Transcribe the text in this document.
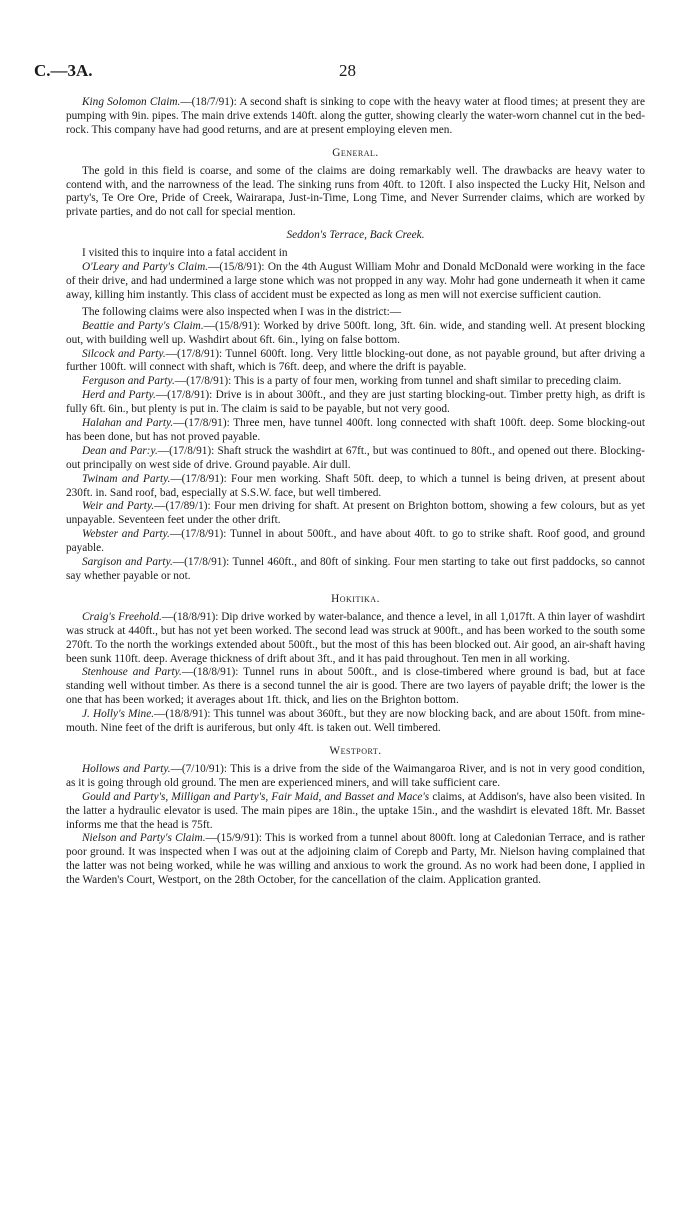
C.—3A.	28

King Solomon Claim.—(18/7/91): A second shaft is sinking to cope with the heavy water at flood times; at present they are pumping with 9in. pipes. The main drive extends 140ft. along the gutter, showing clearly the water-worn channel cut in the bed-rock. This company have had good returns, and are at present employing eleven men.

General.

The gold in this field is coarse, and some of the claims are doing remarkably well. The drawbacks are heavy water to contend with, and the narrowness of the lead. The sinking runs from 40ft. to 120ft. I also inspected the Lucky Hit, Nelson and party's, Te Ore Ore, Pride of Creek, Wairarapa, Just-in-Time, Long Time, and Never Surrender claims, which are worked by private parties, and do not call for special mention.

Seddon's Terrace, Back Creek.

I visited this to inquire into a fatal accident in

O'Leary and Party's Claim.—(15/8/91): On the 4th August William Mohr and Donald McDonald were working in the face of their drive, and had undermined a large stone which was not propped in any way. Mohr had gone underneath it when it came away, killing him instantly. This class of accident must be expected as long as men will not exercise sufficient caution.

The following claims were also inspected when I was in the district:—

Beattie and Party's Claim.—(15/8/91): Worked by drive 500ft. long, 3ft. 6in. wide, and standing well. At present blocking out, with building well up. Washdirt about 6ft. 6in., lying on false bottom.

Silcock and Party.—(17/8/91): Tunnel 600ft. long. Very little blocking-out done, as not payable ground, but after driving a further 100ft. will connect with shaft, which is 76ft. deep, and where the drift is payable.

Ferguson and Party.—(17/8/91): This is a party of four men, working from tunnel and shaft similar to preceding claim.

Herd and Party.—(17/8/91): Drive is in about 300ft., and they are just starting blocking-out. Timber pretty high, as drift is fully 6ft. 6in., but plenty is put in. The claim is said to be payable, but not very good.

Halahan and Party.—(17/8/91): Three men, have tunnel 400ft. long connected with shaft 100ft. deep. Some blocking-out has been done, but has not proved payable.

Dean and Par:y.—(17/8/91): Shaft struck the washdirt at 67ft., but was continued to 80ft., and opened out there. Blocking-out principally on west side of drive. Ground payable. Air dull.

Twinam and Party.—(17/8/91): Four men working. Shaft 50ft. deep, to which a tunnel is being driven, at present about 230ft. in. Sand roof, bad, especially at S.S.W. face, but well timbered.

Weir and Party.—(17/89/1): Four men driving for shaft. At present on Brighton bottom, showing a few colours, but as yet unpayable. Seventeen feet under the other drift.

Webster and Party.—(17/8/91): Tunnel in about 500ft., and have about 40ft. to go to strike shaft. Roof good, and ground payable.

Sargison and Party.—(17/8/91): Tunnel 460ft., and 80ft of sinking. Four men starting to take out first paddocks, so cannot say whether payable or not.

Hokitika.

Craig's Freehold.—(18/8/91): Dip drive worked by water-balance, and thence a level, in all 1,017ft. A thin layer of washdirt was struck at 440ft., but has not yet been worked. The second lead was struck at 900ft., and has been worked to the south some 270ft. To the north the workings extended about 500ft., but the most of this has been blocked out. Air good, an air-shaft having been sunk 110ft. deep. Average thickness of drift about 3ft., and it has paid throughout. Ten men in all working.

Stenhouse and Party.—(18/8/91): Tunnel runs in about 500ft., and is close-timbered where ground is bad, but at face standing well without timber. As there is a second tunnel the air is good. There are two layers of payable drift; the lower is the one that has been worked; it averages about 1ft. thick, and lies on the Brighton bottom.

J. Holly's Mine.—(18/8/91): This tunnel was about 360ft., but they are now blocking back, and are about 150ft. from mine-mouth. Nine feet of the drift is auriferous, but only 4ft. is taken out. Well timbered.

Westport.

Hollows and Party.—(7/10/91): This is a drive from the side of the Waimangaroa River, and is not in very good condition, as it is going through old ground. The men are experienced miners, and will take sufficient care.

Gould and Party's, Milligan and Party's, Fair Maid, and Basset and Mace's claims, at Addison's, have also been visited. In the latter a hydraulic elevator is used. The main pipes are 18in., the uptake 15in., and the washdirt is elevated 18ft. Mr. Basset informs me that the head is 75ft.

Nielson and Party's Claim.—(15/9/91): This is worked from a tunnel about 800ft. long at Caledonian Terrace, and is rather poor ground. It was inspected when I was out at the adjoining claim of Corepb and Party, Mr. Nielson having complained that the latter was not being worked, while he was willing and anxious to work the ground. As no work had been done, I applied in the Warden's Court, Westport, on the 28th October, for the cancellation of the claim. Application granted.
